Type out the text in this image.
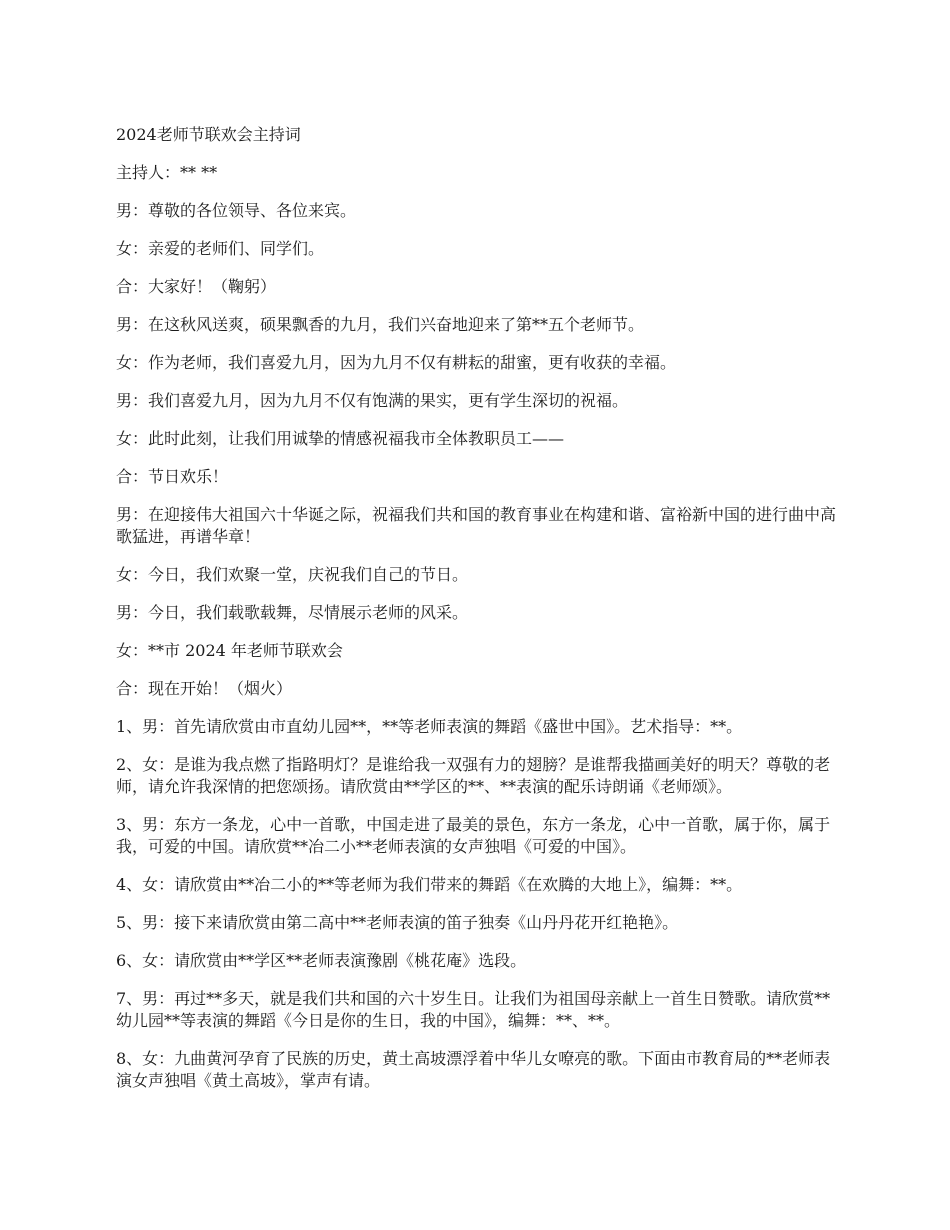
2024老师节联欢会主持词

主持人：** **

男：尊敬的各位领导、各位来宾。

女：亲爱的老师们、同学们。

合：大家好！（鞠躬）

男：在这秋风送爽，硕果飘香的九月，我们兴奋地迎来了第**五个老师节。

女：作为老师，我们喜爱九月，因为九月不仅有耕耘的甜蜜，更有收获的幸福。

男：我们喜爱九月，因为九月不仅有饱满的果实，更有学生深切的祝福。

女：此时此刻，让我们用诚挚的情感祝福我市全体教职员工——

合：节日欢乐！

男：在迎接伟大祖国六十华诞之际，祝福我们共和国的教育事业在构建和谐、富裕新中国的进行曲中高歌猛进，再谱华章！

女：今日，我们欢聚一堂，庆祝我们自己的节日。

男：今日，我们载歌载舞，尽情展示老师的风采。

女：**市 2024 年老师节联欢会

合：现在开始！（烟火）

1、男：首先请欣赏由市直幼儿园**，**等老师表演的舞蹈《盛世中国》。艺术指导：**。

2、女：是谁为我点燃了指路明灯？是谁给我一双强有力的翅膀？是谁帮我描画美好的明天？尊敬的老师，请允许我深情的把您颂扬。请欣赏由**学区的**、**表演的配乐诗朗诵《老师颂》。

3、男：东方一条龙，心中一首歌，中国走进了最美的景色，东方一条龙，心中一首歌，属于你，属于我，可爱的中国。请欣赏**冶二小**老师表演的女声独唱《可爱的中国》。

4、女：请欣赏由**冶二小的**等老师为我们带来的舞蹈《在欢腾的大地上》，编舞：**。

5、男：接下来请欣赏由第二高中**老师表演的笛子独奏《山丹丹花开红艳艳》。

6、女：请欣赏由**学区**老师表演豫剧《桃花庵》选段。

7、男：再过**多天，就是我们共和国的六十岁生日。让我们为祖国母亲献上一首生日赞歌。请欣赏**幼儿园**等表演的舞蹈《今日是你的生日，我的中国》，编舞：**、**。

8、女：九曲黄河孕育了民族的历史，黄土高坡漂浮着中华儿女嘹亮的歌。下面由市教育局的**老师表演女声独唱《黄土高坡》，掌声有请。
